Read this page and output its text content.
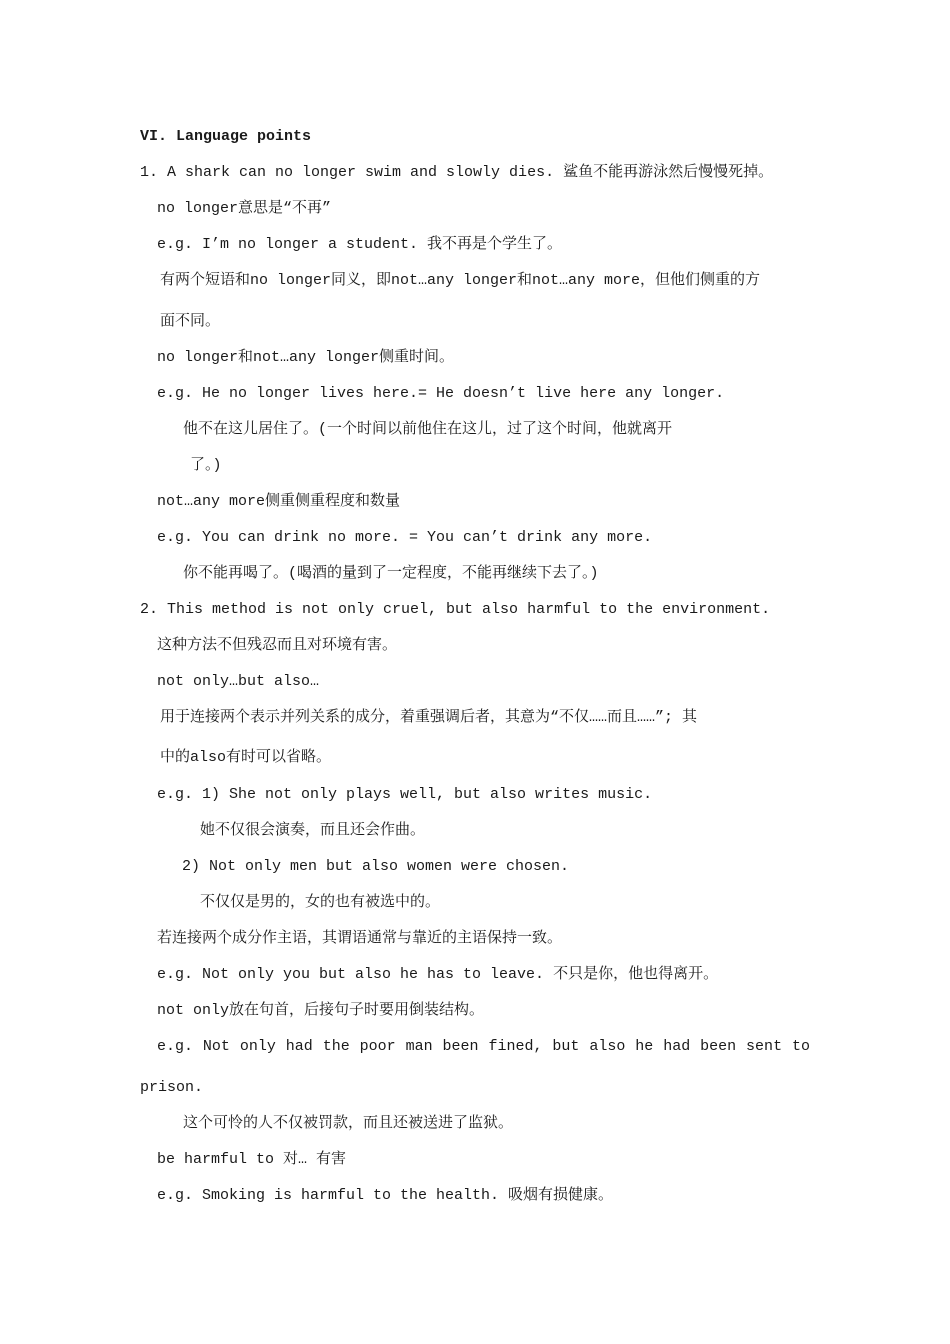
VI. Language points
1. A shark can no longer swim and slowly dies. 鲨鱼不能再游泳然后慢慢死掉。
no longer意思是“不再”
e.g. I’m no longer a student. 我不再是个学生了。
有两个短语和no longer同义，即not…any longer和not…any more，但他们侧重的方
面不同。
no longer和not…any longer侧重时间。
e.g. He no longer lives here.= He doesn’t live here any longer.
他不在这儿居住了。(一个时间以前他住在这儿，过了这个时间，他就离开
了。)
not…any more侧重侧重程度和数量
e.g. You can drink no more. = You can’t drink any more.
你不能再喝了。(喝酒的量到了一定程度，不能再继续下去了。)
2. This method is not only cruel, but also harmful to the environment.
这种方法不但残忍而且对环境有害。
not only…but also…
用于连接两个表示并列关系的成分，着重强调后者，其意为“不仅……而且……”; 其
中的also有时可以省略。
e.g. 1) She not only plays well, but also writes music.
她不仅很会演奏，而且还会作曲。
2) Not only men but also women were chosen.
不仅仅是男的，女的也有被选中的。
若连接两个成分作主语，其谓语通常与靠近的主语保持一致。
e.g. Not only you but also he has to leave. 不只是你，他也得离开。
not only放在句首，后接句子时要用倒装结构。
e.g. Not only had the poor man been fined, but also he had been sent to
prison.
这个可怜的人不仅被罚款，而且还被送进了监狱。
be harmful to 对… 有害
e.g. Smoking is harmful to the health. 吸烟有损健康。
